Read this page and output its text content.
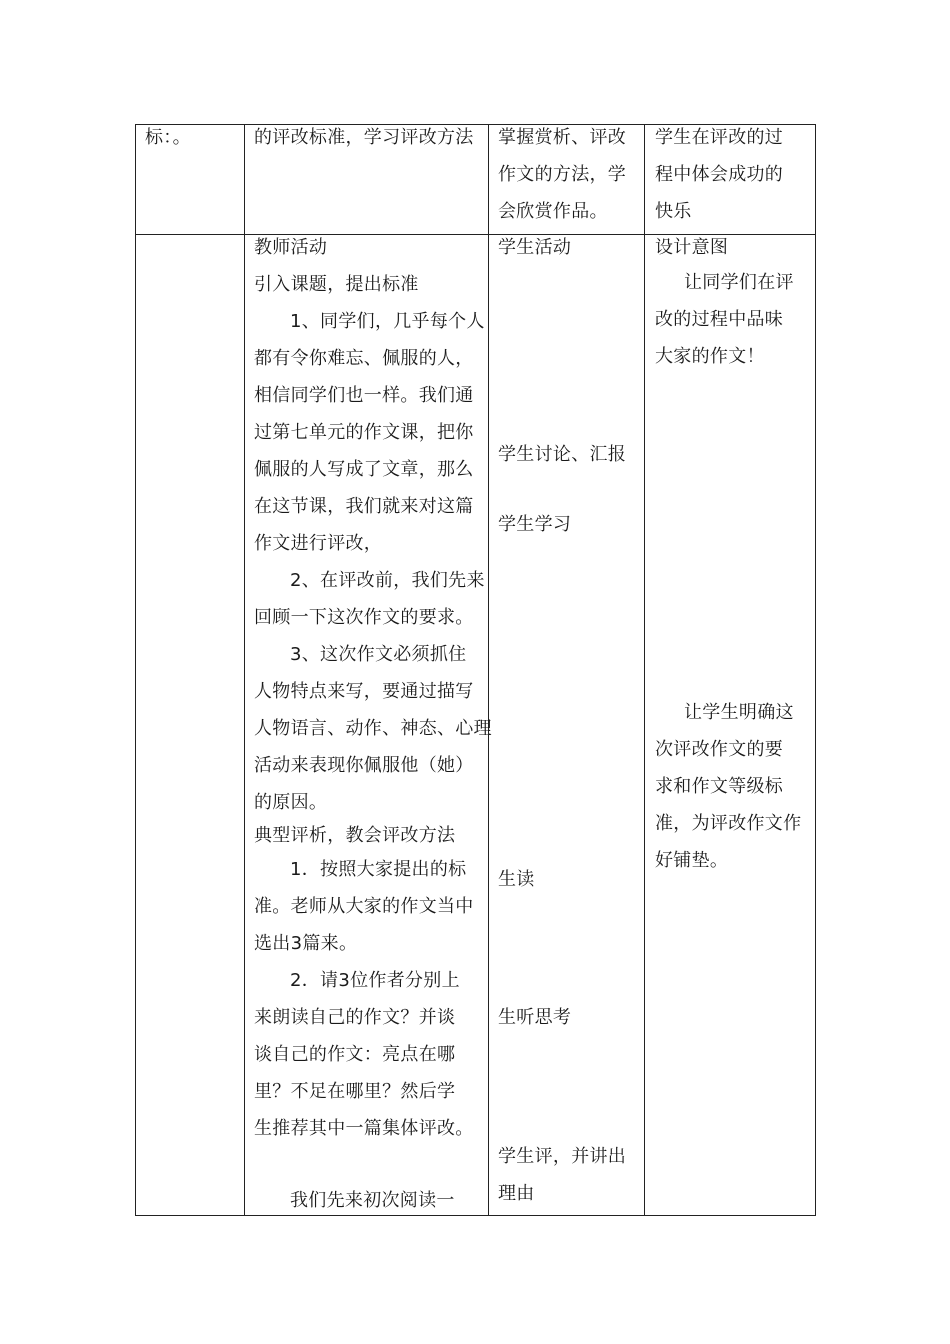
标：。	的评改标准，学习评改方法 掌握赏析、评改
作文的方法，学
会欣赏作品。
学生在评改的过
程中体会成功的
快乐
教师活动
引入课题，提出标准
1、同学们，几乎每个人
都有令你难忘、佩服的人，
相信同学们也一样。我们通
过第七单元的作文课，把你
佩服的人写成了文章，那么
在这节课，我们就来对这篇
作文进行评改，
2、在评改前，我们先来
回顾一下这次作文的要求。
3、这次作文必须抓住
人物特点来写，要通过描写
人物语言、动作、神态、心理
活动来表现你佩服他（她）
的原因。
典型评析，教会评改方法
1．按照大家提出的标
准。老师从大家的作文当中
选出3篇来。
2．请3位作者分别上
来朗读自己的作文？并谈
谈自己的作文：亮点在哪
里？不足在哪里？然后学
生推荐其中一篇集体评改。
我们先来初次阅读一
学生活动
学生讨论、汇报
学生学习
生读
生听思考
学生评，并讲出
理由
设计意图
让同学们在评
改的过程中品味
大家的作文！
让学生明确这
次评改作文的要
求和作文等级标
准，为评改作文作
好铺垫。
